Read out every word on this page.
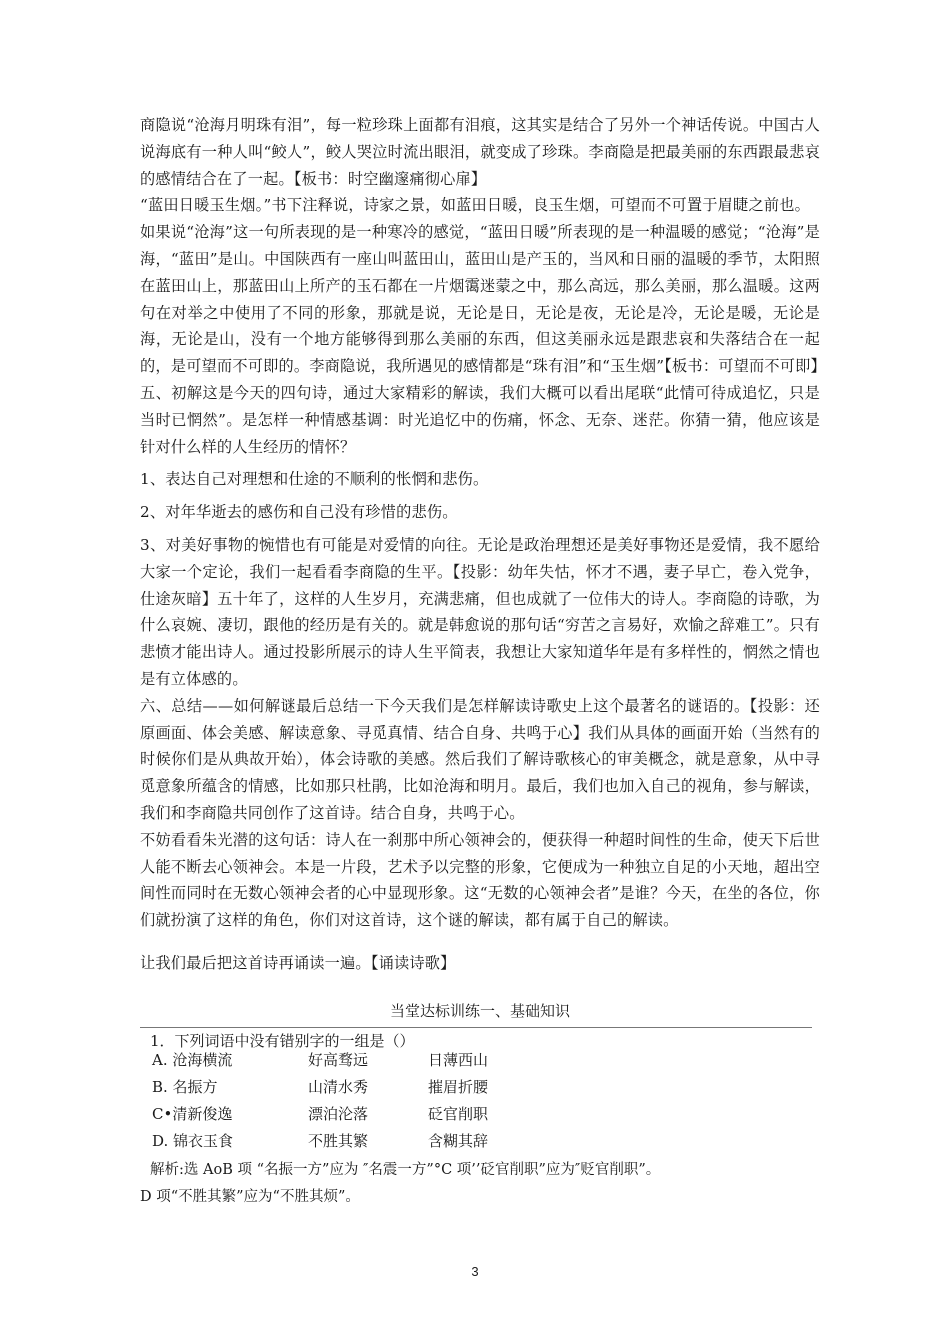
商隐说“沧海月明珠有泪”，每一粒珍珠上面都有泪痕，这其实是结合了另外一个神话传说。中国古人说海底有一种人叫“鲛人”，鲛人哭泣时流出眼泪，就变成了珍珠。李商隐是把最美丽的东西跟最悲哀的感情结合在了一起。【板书：时空幽邃痛彻心扉】

“蓝田日暖玉生烟。”书下注释说，诗家之景，如蓝田日暖，良玉生烟，可望而不可置于眉睫之前也。

如果说“沧海”这一句所表现的是一种寒冷的感觉，“蓝田日暖”所表现的是一种温暖的感觉；“沧海”是海，“蓝田”是山。中国陕西有一座山叫蓝田山，蓝田山是产玉的，当风和日丽的温暖的季节，太阳照在蓝田山上，那蓝田山上所产的玉石都在一片烟霭迷蒙之中，那么高远，那么美丽，那么温暖。这两句在对举之中使用了不同的形象，那就是说，无论是日，无论是夜，无论是冷，无论是暖，无论是海，无论是山，没有一个地方能够得到那么美丽的东西，但这美丽永远是跟悲哀和失落结合在一起的，是可望而不可即的。李商隐说，我所遇见的感情都是“珠有泪”和“玉生烟”【板书：可望而不可即】

五、初解这是今天的四句诗，通过大家精彩的解读，我们大概可以看出尾联“此情可待成追忆，只是当时已惘然”。是怎样一种情感基调：时光追忆中的伤痛，怀念、无奈、迷茫。你猜一猜，他应该是针对什么样的人生经历的情怀？

1、表达自己对理想和仕途的不顺利的怅惘和悲伤。

2、对年华逝去的感伤和自己没有珍惜的悲伤。

3、对美好事物的惋惜也有可能是对爱情的向往。无论是政治理想还是美好事物还是爱情，我不愿给大家一个定论，我们一起看看李商隐的生平。【投影：幼年失怙，怀才不遇，妻子早亡，卷入党争，仕途灰暗】五十年了，这样的人生岁月，充满悲痛，但也成就了一位伟大的诗人。李商隐的诗歌，为什么哀婉、凄切，跟他的经历是有关的。就是韩愈说的那句话“穷苦之言易好，欢愉之辞难工”。只有悲愤才能出诗人。通过投影所展示的诗人生平简表，我想让大家知道华年是有多样性的，惘然之情也是有立体感的。

六、总结——如何解谜最后总结一下今天我们是怎样解读诗歌史上这个最著名的谜语的。【投影：还原画面、体会美感、解读意象、寻觅真情、结合自身、共鸣于心】我们从具体的画面开始（当然有的时候你们是从典故开始），体会诗歌的美感。然后我们了解诗歌核心的审美概念，就是意象，从中寻觅意象所蕴含的情感，比如那只杜鹃，比如沧海和明月。最后，我们也加入自己的视角，参与解读，我们和李商隐共同创作了这首诗。结合自身，共鸣于心。

不妨看看朱光潜的这句话：诗人在一刹那中所心领神会的，便获得一种超时间性的生命，使天下后世人能不断去心领神会。本是一片段，艺术予以完整的形象，它便成为一种独立自足的小天地，超出空间性而同时在无数心领神会者的心中显现形象。这“无数的心领神会者”是谁？今天，在坐的各位，你们就扮演了这样的角色，你们对这首诗，这个谜的解读，都有属于自己的解读。

让我们最后把这首诗再诵读一遍。【诵读诗歌】

当堂达标训练一、基础知识
1．下列词语中没有错别字的一组是（）
A. 沧海横流	好高骛远	日薄西山
B. 名振方	山清水秀	摧眉折腰
C•清新俊逸	漂泊沦落	砭官削职
D. 锦衣玉食	不胜其繁	含糊其辞
解析:选 AoB 项 “名振一方”应为 ″名震一方”°C 项’’砭官削职”应为″贬官削职”。
D 项“不胜其繁”应为“不胜其烦”。
3
